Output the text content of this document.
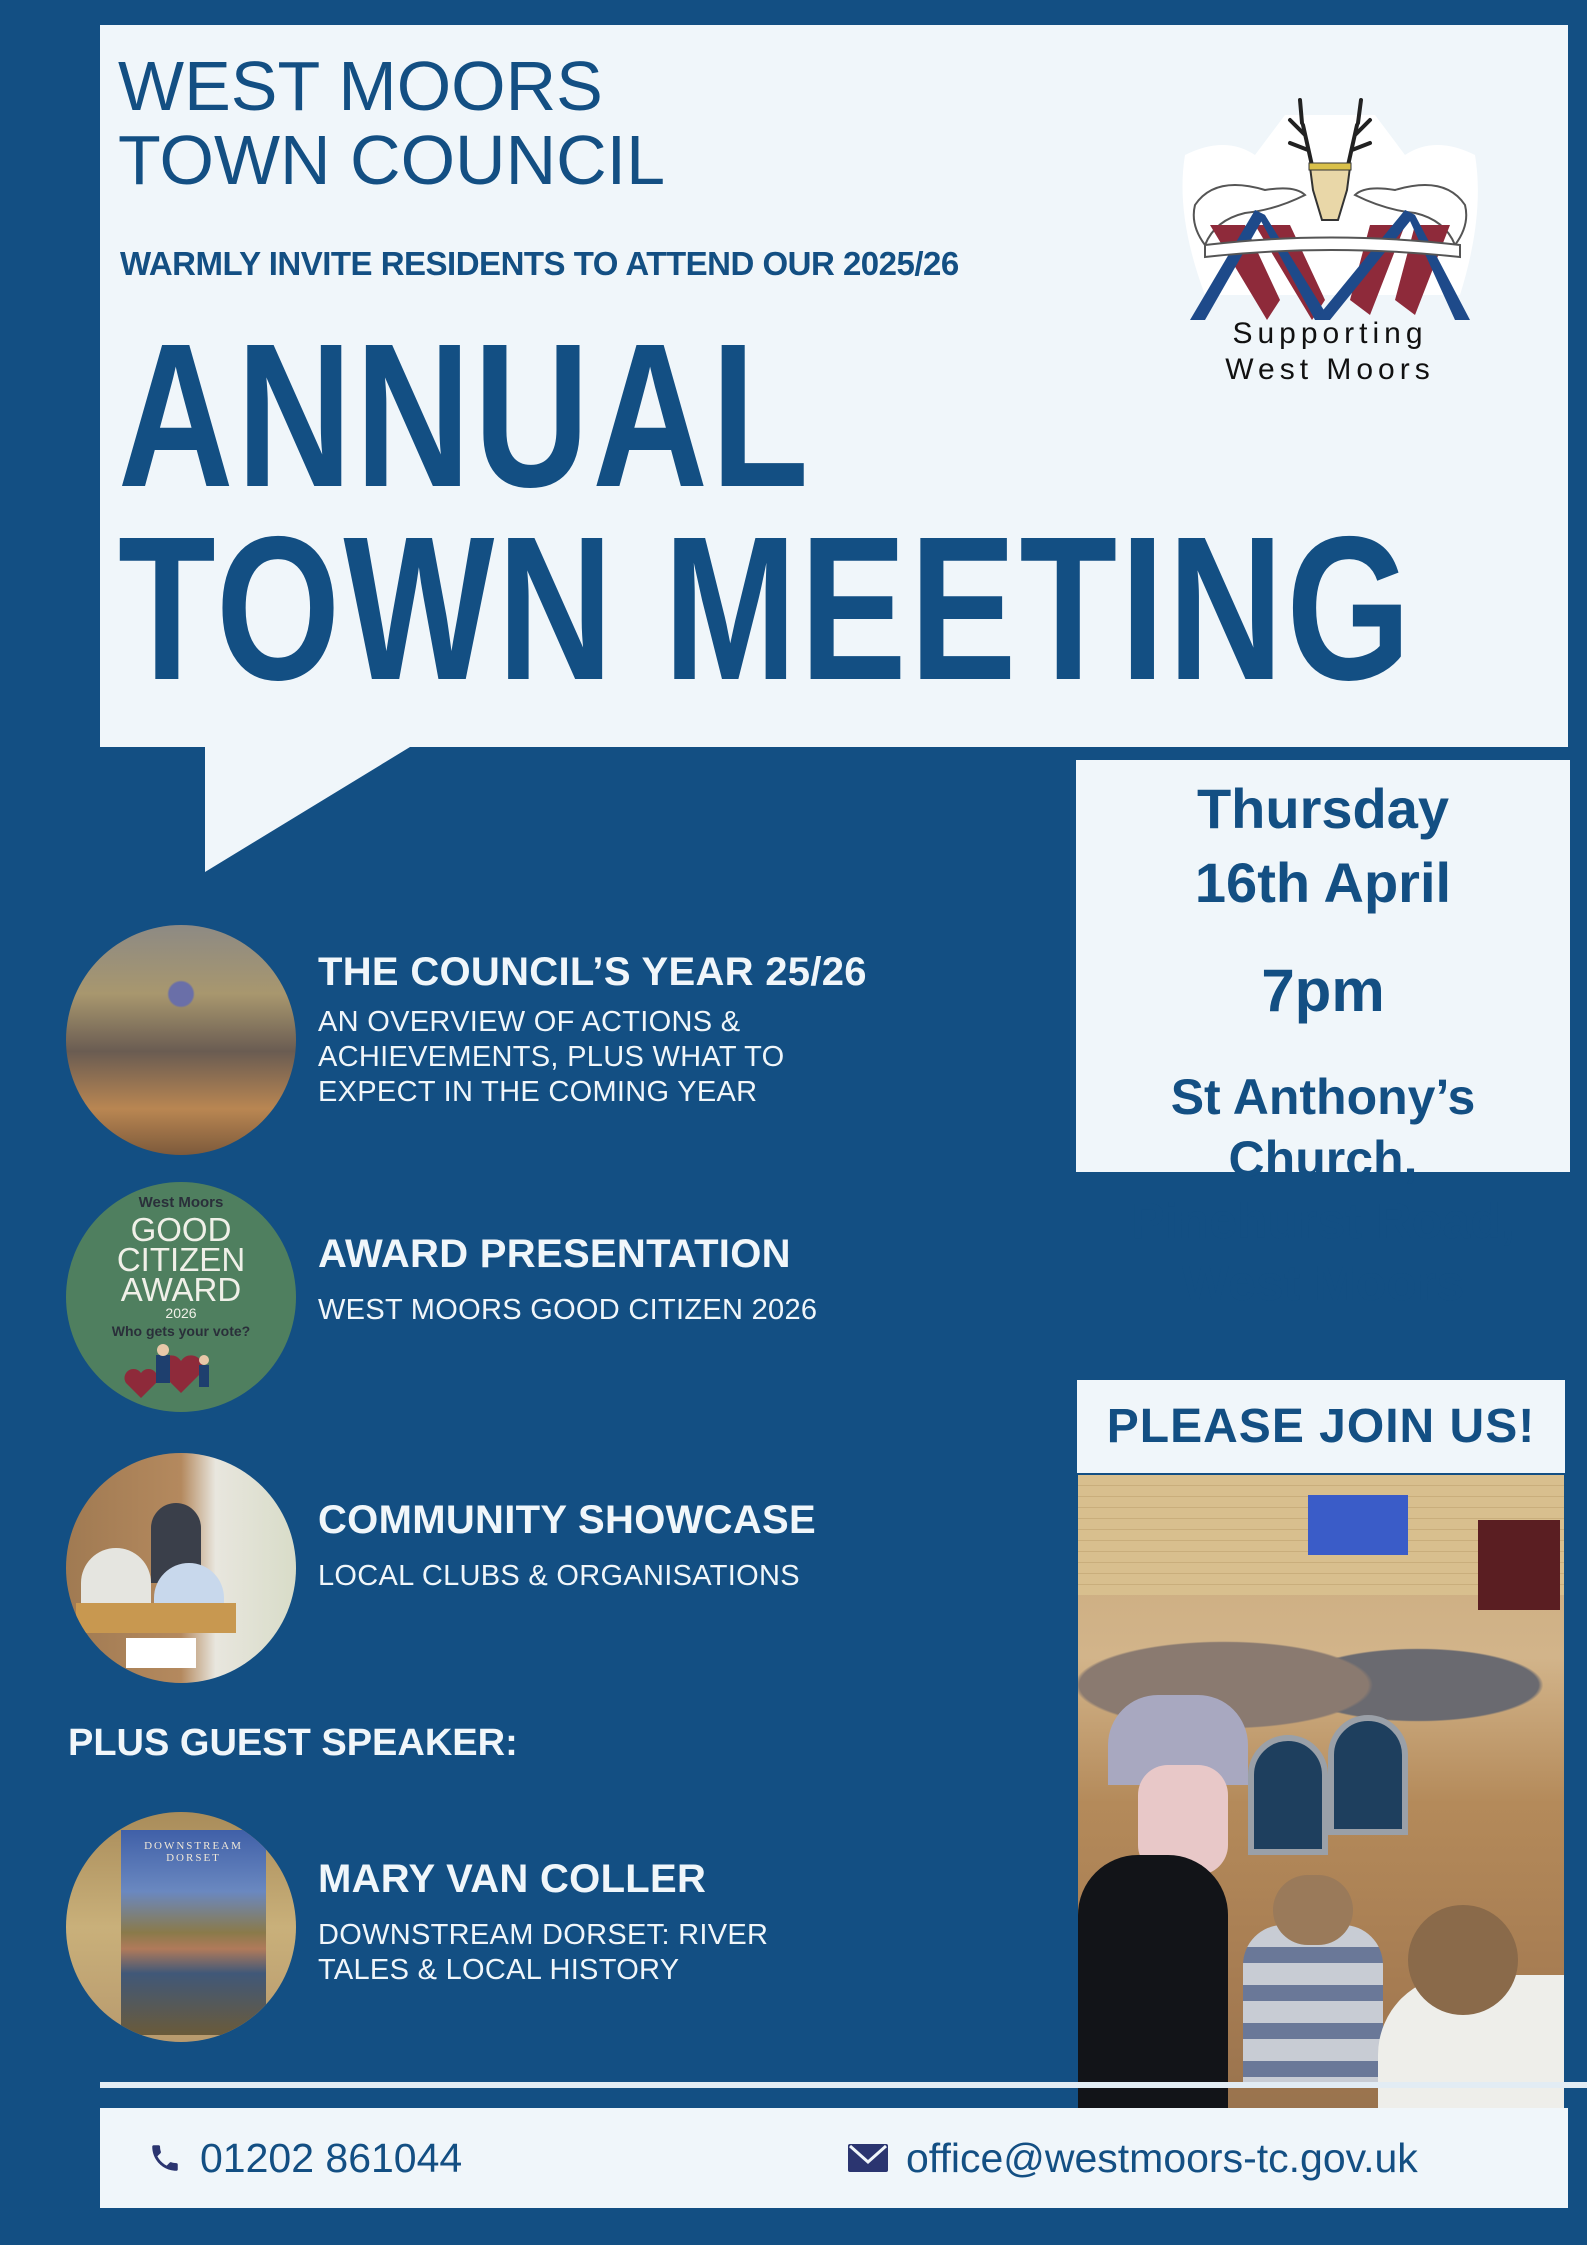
WEST MOORS
TOWN COUNCIL
WARMLY INVITE RESIDENTS TO ATTEND OUR 2025/26
ANNUAL
TOWN MEETING
Supporting
West Moors
THE COUNCIL’S YEAR 25/26
AN OVERVIEW OF ACTIONS &
ACHIEVEMENTS, PLUS WHAT TO
EXPECT IN THE COMING YEAR
West Moors
GOOD
CITIZEN
AWARD
2026
Who gets your vote?
AWARD PRESENTATION
WEST MOORS GOOD CITIZEN 2026
COMMUNITY SHOWCASE
LOCAL CLUBS & ORGANISATIONS
PLUS GUEST SPEAKER:
DOWNSTREAM DORSET	MARY VAN COLLER
DOWNSTREAM DORSET: RIVER
TALES & LOCAL HISTORY
Thursday
16th April
7pm
St Anthony’s
Church,
Pinehurst Road,
West Moors
PLEASE JOIN US!
01202 861044	office@westmoors-tc.gov.uk
